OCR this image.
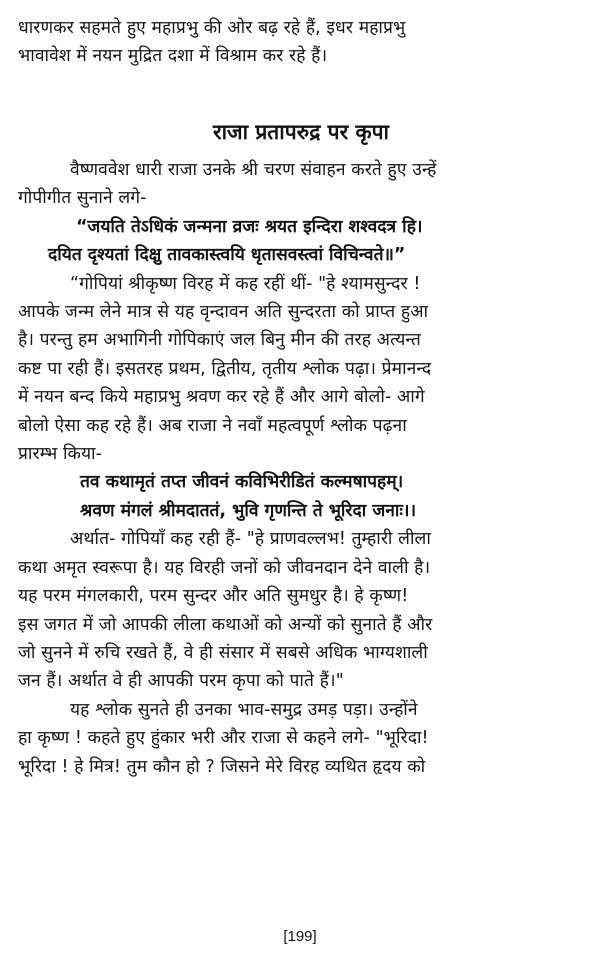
धारणकर सहमते हुए महाप्रभु की ओर बढ़ रहे हैं, इधर महाप्रभु
भावावेश में नयन मुद्रित दशा में विश्राम कर रहे हैं।

राजा प्रतापरुद्र पर कृपा

वैष्णववेश धारी राजा उनके श्री चरण संवाहन करते हुए उन्हें
गोपीगीत सुनाने लगे-

“जयति तेऽधिकं जन्मना व्रजः श्रयत इन्दिरा शश्वदत्र हि।

दयित दृश्यतां दिक्षु तावकास्त्वयि धृतासवस्त्वां विचिन्वते॥”

“गोपियां श्रीकृष्ण विरह में कह रहीं थीं- "हे श्यामसुन्दर !
आपके जन्म लेने मात्र से यह वृन्दावन अति सुन्दरता को प्राप्त हुआ
है। परन्तु हम अभागिनी गोपिकाएं जल बिनु मीन की तरह अत्यन्त
कष्ट पा रही हैं। इसतरह प्रथम, द्वितीय, तृतीय श्लोक पढ़ा। प्रेमानन्द
में नयन बन्द किये महाप्रभु श्रवण कर रहे हैं और आगे बोलो- आगे
बोलो ऐसा कह रहे हैं। अब राजा ने नवाँ महत्वपूर्ण श्लोक पढ़ना
प्रारम्भ किया-

तव कथामृतं तप्त जीवनं कविभिरीडितं कल्मषापहम्।

श्रवण मंगलं श्रीमदाततं, भुवि गृणन्ति ते भूरिदा जनाः।।

अर्थात- गोपियाँ कह रही हैं- "हे प्राणवल्लभ! तुम्हारी लीला
कथा अमृत स्वरूपा है। यह विरही जनों को जीवनदान देने वाली है।
यह परम मंगलकारी, परम सुन्दर और अति सुमधुर है। हे कृष्ण!
इस जगत में जो आपकी लीला कथाओं को अन्यों को सुनाते हैं और
जो सुनने में रुचि रखते हैं, वे ही संसार में सबसे अधिक भाग्यशाली
जन हैं। अर्थात वे ही आपकी परम कृपा को पाते हैं।"

यह श्लोक सुनते ही उनका भाव-समुद्र उमड़ पड़ा। उन्होंने
हा कृष्ण ! कहते हुए हुंकार भरी और राजा से कहने लगे- "भूरिदा!
भूरिदा ! हे मित्र! तुम कौन हो ? जिसने मेरे विरह व्यथित हृदय को

[199]
